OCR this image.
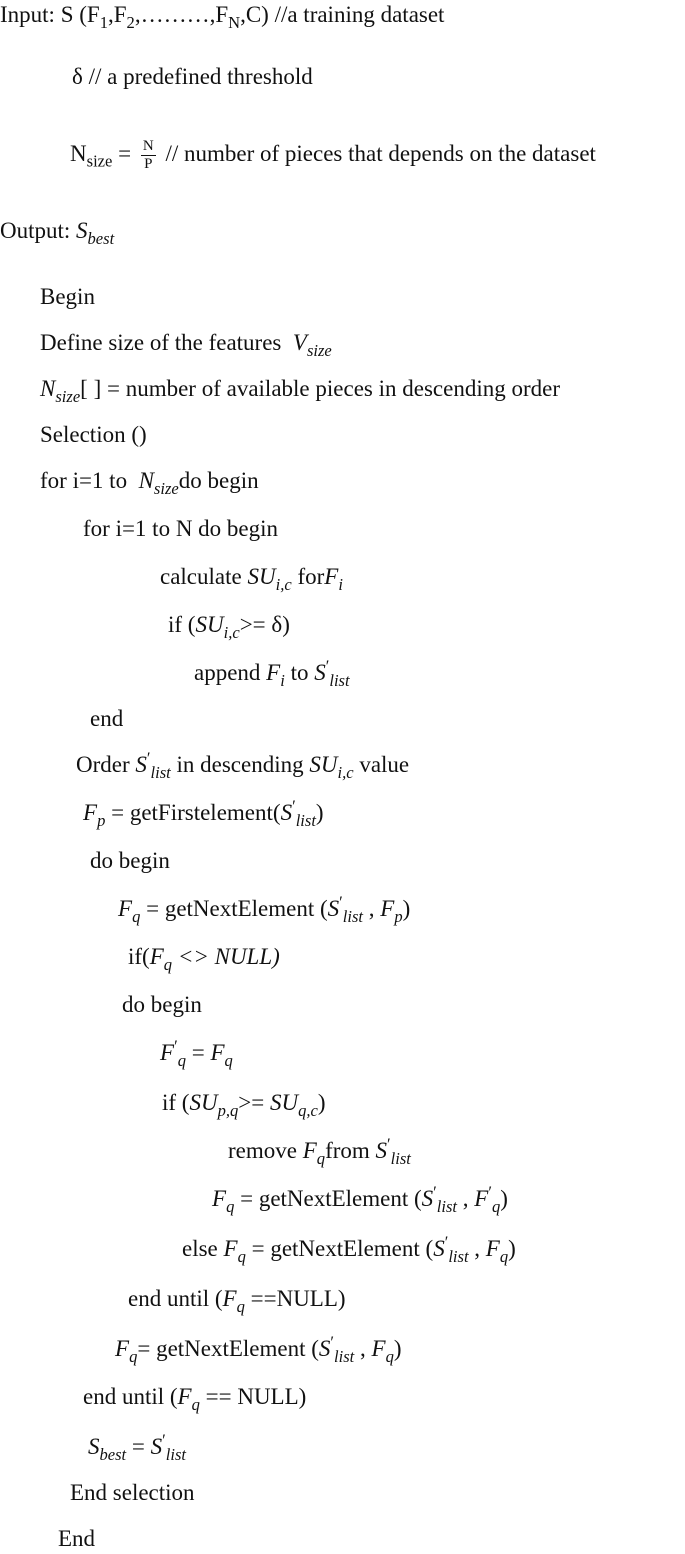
Input: S $(F_1,F_2,\dots\dots\dots,F_N,C)$ //a training dataset
δ // a predefined threshold
$N_{size} = \frac{N}{P}$ // number of pieces that depends on the dataset
Output: $S_{best}$
Begin
Define size of the features $V_{size}$
$N_{size}$[ ] = number of available pieces in descending order
Selection ()
for i=1 to $N_{size}do$ begin
for i=1 to N do begin
calculate $SU_{i,c}$ forF$_i$
if $(SU_{i,c}>= \delta)$
append $F_i$ to $S'_{list}$
end
Order $S'_{list}$ in descending $SU_{i,c}$ value
$F_p$ = $getFirstelement(S'_{list})$
do begin
$F_q$ = getNextElement ($S'_{list}$ , $F_p$)
$if(F_q$ <> NULL)
do begin
$F'_q = F_q$
if $(SU_{p,q}>= SU_{q,c})$
remove $F_qfrom$ $S'_{list}$
$F_q$ = getNextElement ($S'_{list}$ , $F'_q$)
else $F_q$ = getNextElement ($S'_{list}$ , $F_q$)
end until ($F_q$ ==NULL)
$F_q=$ getNextElement ($S'_{list}$ , $F_q$)
end until ($F_q$ == NULL)
$S_{best} = S'_{list}$
End selection
End
